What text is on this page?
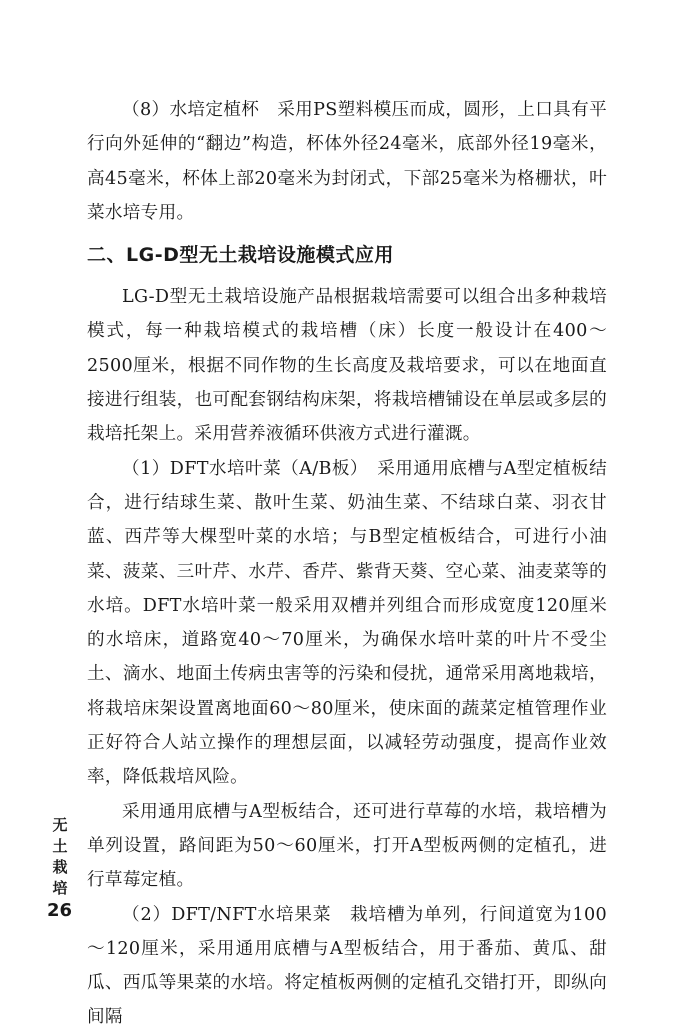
（8）水培定植杯　采用PS塑料模压而成，圆形，上口具有平行向外延伸的“翻边”构造，杯体外径24毫米，底部外径19毫米，高45毫米，杯体上部20毫米为封闭式，下部25毫米为格栅状，叶菜水培专用。

二、LG-D型无土栽培设施模式应用

LG-D型无土栽培设施产品根据栽培需要可以组合出多种栽培模式，每一种栽培模式的栽培槽（床）长度一般设计在400～2500厘米，根据不同作物的生长高度及栽培要求，可以在地面直接进行组装，也可配套钢结构床架，将栽培槽铺设在单层或多层的栽培托架上。采用营养液循环供液方式进行灌溉。

（1）DFT水培叶菜（A/B板）　采用通用底槽与A型定植板结合，进行结球生菜、散叶生菜、奶油生菜、不结球白菜、羽衣甘蓝、西芹等大棵型叶菜的水培；与B型定植板结合，可进行小油菜、菠菜、三叶芹、水芹、香芹、紫背天葵、空心菜、油麦菜等的水培。DFT水培叶菜一般采用双槽并列组合而形成宽度120厘米的水培床，道路宽40～70厘米，为确保水培叶菜的叶片不受尘土、滴水、地面土传病虫害等的污染和侵扰，通常采用离地栽培，将栽培床架设置离地面60～80厘米，使床面的蔬菜定植管理作业正好符合人站立操作的理想层面，以减轻劳动强度，提高作业效率，降低栽培风险。

采用通用底槽与A型板结合，还可进行草莓的水培，栽培槽为单列设置，路间距为50～60厘米，打开A型板两侧的定植孔，进行草莓定植。

（2）DFT/NFT水培果菜　栽培槽为单列，行间道宽为100～120厘米，采用通用底槽与A型板结合，用于番茄、黄瓜、甜瓜、西瓜等果菜的水培。将定植板两侧的定植孔交错打开，即纵向间隔

无
土
栽
培
26
